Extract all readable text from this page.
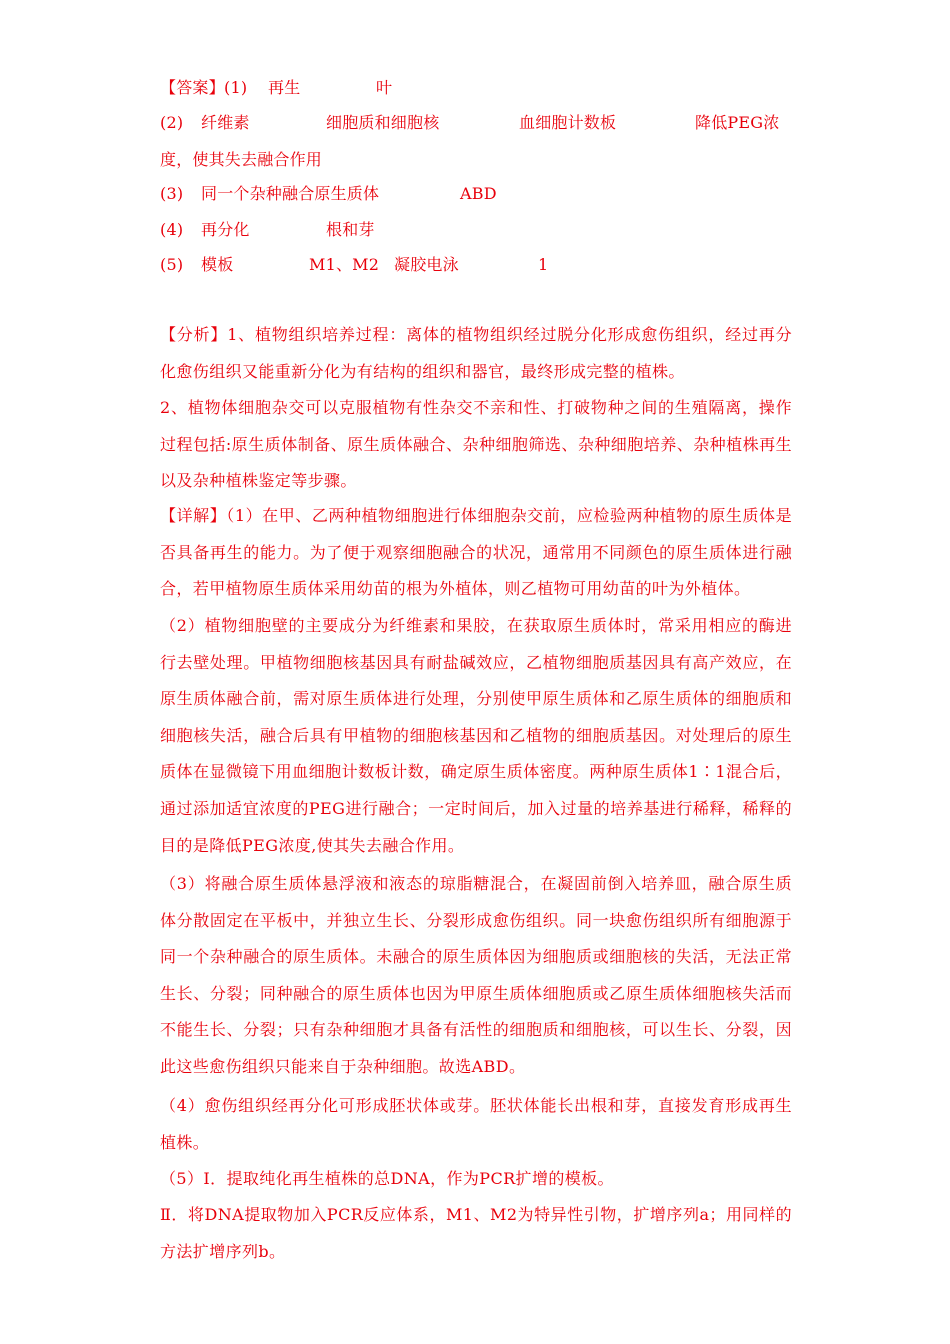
【答案】 (1) 再生	叶
(2) 纤维素	细胞质和细胞核	血细胞计数板	降低PEG浓
度，使其失去融合作用
(3) 同一个杂种融合原生质体	ABD
(4) 再分化	根和芽
(5) 模板	M1、M2 凝胶电泳	1
【分析】1、植物组织培养过程：离体的植物组织经过脱分化形成愈伤组织，经过再分化愈伤组织又能重新分化为有结构的组织和器官，最终形成完整的植株。
2、植物体细胞杂交可以克服植物有性杂交不亲和性、打破物种之间的生殖隔离，操作过程包括:原生质体制备、原生质体融合、杂种细胞筛选、杂种细胞培养、杂种植株再生以及杂种植株鉴定等步骤。
【详解】（1）在甲、乙两种植物细胞进行体细胞杂交前，应检验两种植物的原生质体是否具备再生的能力。为了便于观察细胞融合的状况，通常用不同颜色的原生质体进行融合，若甲植物原生质体采用幼苗的根为外植体，则乙植物可用幼苗的叶为外植体。
（2）植物细胞壁的主要成分为纤维素和果胶，在获取原生质体时，常采用相应的酶进行去壁处理。甲植物细胞核基因具有耐盐碱效应，乙植物细胞质基因具有高产效应，在原生质体融合前，需对原生质体进行处理，分别使甲原生质体和乙原生质体的细胞质和细胞核失活，融合后具有甲植物的细胞核基因和乙植物的细胞质基因。对处理后的原生质体在显微镜下用血细胞计数板计数，确定原生质体密度。两种原生质体1∶1混合后，通过添加适宜浓度的PEG进行融合；一定时间后，加入过量的培养基进行稀释，稀释的目的是降低PEG浓度,使其失去融合作用。
（3）将融合原生质体悬浮液和液态的琼脂糖混合，在凝固前倒入培养皿，融合原生质体分散固定在平板中，并独立生长、分裂形成愈伤组织。同一块愈伤组织所有细胞源于同一个杂种融合的原生质体。未融合的原生质体因为细胞质或细胞核的失活，无法正常生长、分裂；同种融合的原生质体也因为甲原生质体细胞质或乙原生质体细胞核失活而不能生长、分裂；只有杂种细胞才具备有活性的细胞质和细胞核，可以生长、分裂，因此这些愈伤组织只能来自于杂种细胞。故选ABD。
（4）愈伤组织经再分化可形成胚状体或芽。胚状体能长出根和芽，直接发育形成再生植株。
（5）Ⅰ．提取纯化再生植株的总DNA，作为PCR扩增的模板。
Ⅱ．将DNA提取物加入PCR反应体系，M1、M2为特异性引物，扩增序列a；用同样的方法扩增序列b。
